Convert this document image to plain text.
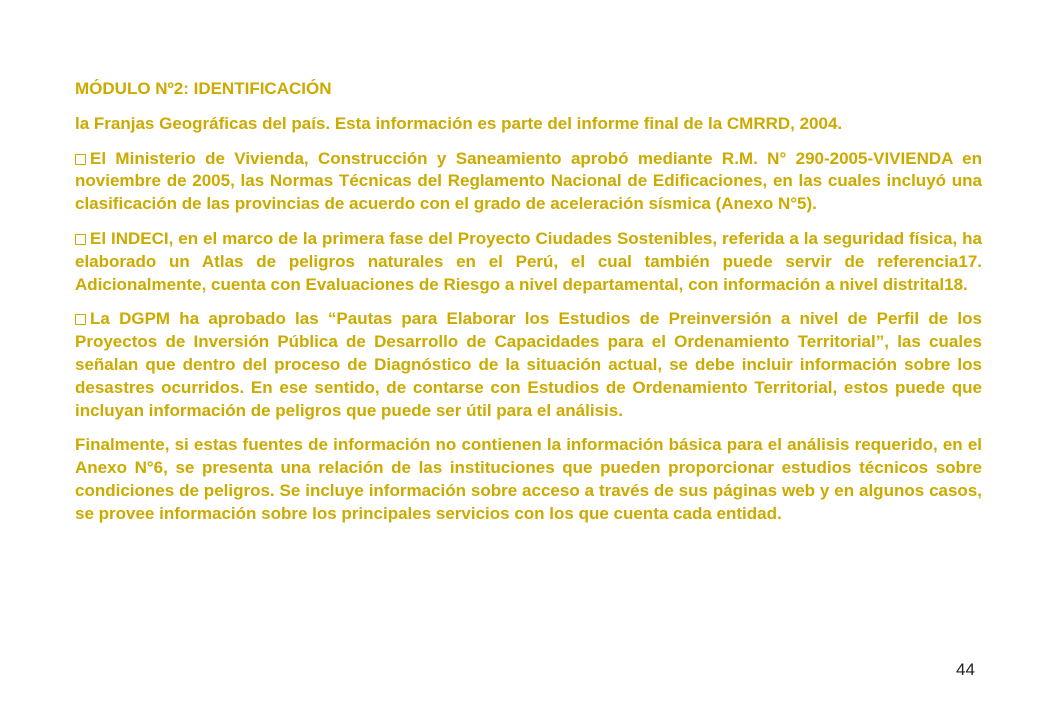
MÓDULO Nº2: IDENTIFICACIÓN

la Franjas Geográficas del país. Esta información es parte del informe final de la CMRRD, 2004.

El Ministerio de Vivienda, Construcción y Saneamiento aprobó mediante R.M. N° 290-2005-VIVIENDA en noviembre de 2005, las Normas Técnicas del Reglamento Nacional de Edificaciones, en las cuales incluyó una clasificación de las provincias de acuerdo con el grado de aceleración sísmica (Anexo N°5).

El INDECI, en el marco de la primera fase del Proyecto Ciudades Sostenibles, referida a la seguridad física, ha elaborado un Atlas de peligros naturales en el Perú, el cual también puede servir de referencia17. Adicionalmente, cuenta con Evaluaciones de Riesgo a nivel departamental, con información a nivel distrital18.

La DGPM ha aprobado las “Pautas para Elaborar los Estudios de Preinversión a nivel de Perfil de los Proyectos de Inversión Pública de Desarrollo de Capacidades para el Ordenamiento Territorial”, las cuales señalan que dentro del proceso de Diagnóstico de la situación actual, se debe incluir información sobre los desastres ocurridos. En ese sentido, de contarse con Estudios de Ordenamiento Territorial, estos puede que incluyan información de peligros que puede ser útil para el análisis.

Finalmente, si estas fuentes de información no contienen la información básica para el análisis requerido, en el Anexo N°6, se presenta una relación de las instituciones que pueden proporcionar estudios técnicos sobre condiciones de peligros. Se incluye información sobre acceso a través de sus páginas web y en algunos casos, se provee información sobre los principales servicios con los que cuenta cada entidad.

44
